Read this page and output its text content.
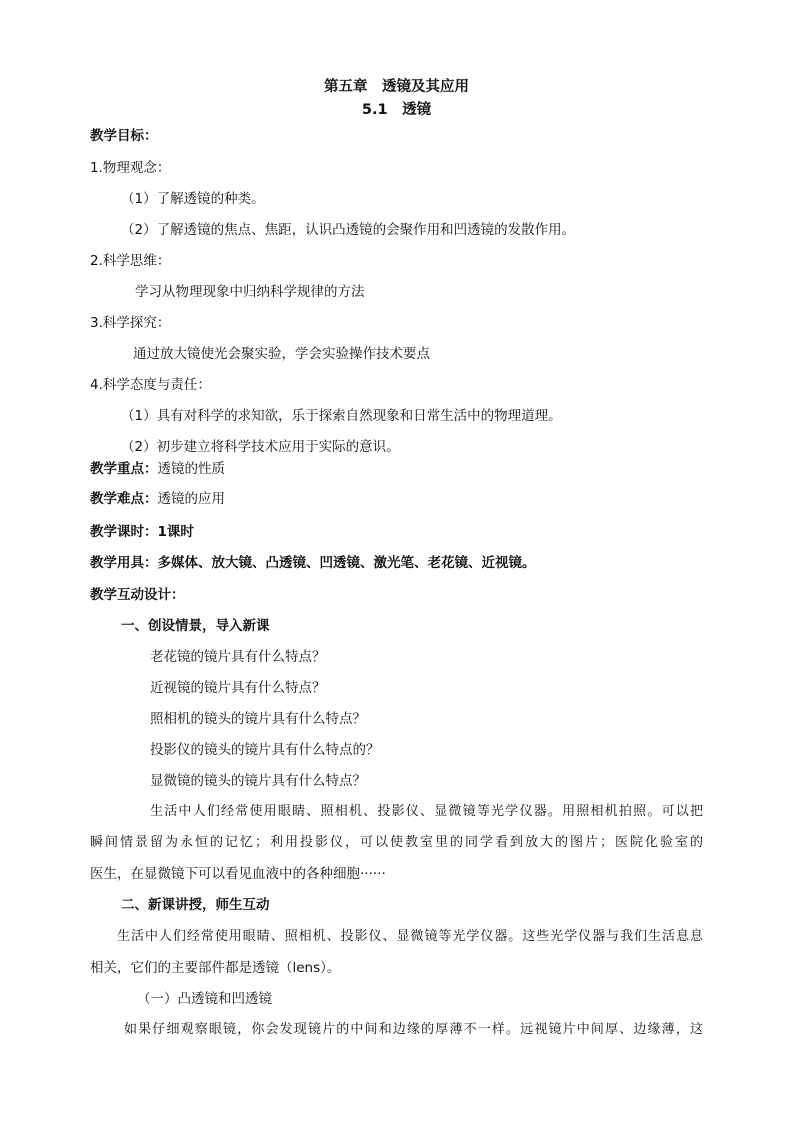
第五章　透镜及其应用
5.1　透镜
教学目标：
1.物理观念：
（1）了解透镜的种类。
（2）了解透镜的焦点、焦距，认识凸透镜的会聚作用和凹透镜的发散作用。
2.科学思维：
学习从物理现象中归纳科学规律的方法
3.科学探究：
通过放大镜使光会聚实验，学会实验操作技术要点
4.科学态度与责任：
（1）具有对科学的求知欲，乐于探索自然现象和日常生活中的物理道理。
（2）初步建立将科学技术应用于实际的意识。
教学重点：透镜的性质
教学难点：透镜的应用
教学课时：1课时
教学用具：多媒体、放大镜、凸透镜、凹透镜、激光笔、老花镜、近视镜。
教学互动设计：
一、创设情景，导入新课
老花镜的镜片具有什么特点？
近视镜的镜片具有什么特点？
照相机的镜头的镜片具有什么特点？
投影仪的镜头的镜片具有什么特点的？
显微镜的镜头的镜片具有什么特点？
生活中人们经常使用眼睛、照相机、投影仪、显微镜等光学仪器。用照相机拍照。可以把
瞬间情景留为永恒的记忆；利用投影仪，可以使教室里的同学看到放大的图片；医院化验室的
医生，在显微镜下可以看见血液中的各种细胞······
二、新课讲授，师生互动
生活中人们经常使用眼睛、照相机、投影仪、显微镜等光学仪器。这些光学仪器与我们生活息息
相关，它们的主要部件都是透镜（lens）。
（一）凸透镜和凹透镜
如果仔细观察眼镜，你会发现镜片的中间和边缘的厚薄不一样。远视镜片中间厚、边缘薄，这
